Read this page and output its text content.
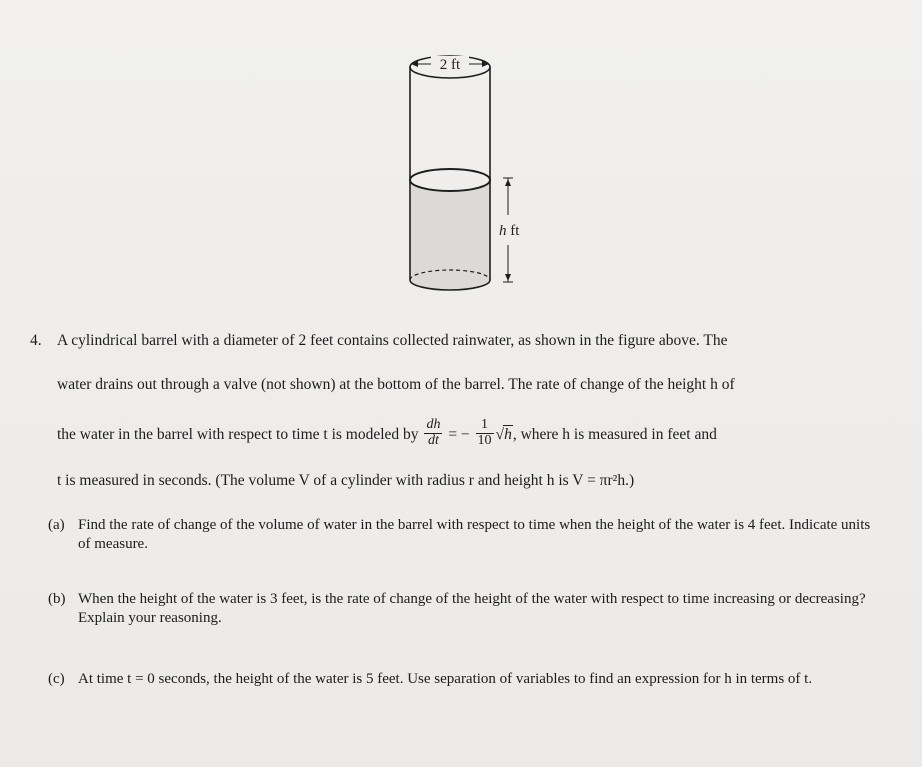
2 ft
h ft
4. A cylindrical barrel with a diameter of 2 feet contains collected rainwater, as shown in the figure above. The
water drains out through a valve (not shown) at the bottom of the barrel. The rate of change of the height h of
the water in the barrel with respect to time t is modeled by $\frac{dh}{dt}$ = − $\frac{1}{10} √h$, where h is measured in feet and
t is measured in seconds. (The volume V of a cylinder with radius r and height h is V = πr²h.)
(a) Find the rate of change of the volume of water in the barrel with respect to time when the height of the water is 4 feet. Indicate units of measure.
(b) When the height of the water is 3 feet, is the rate of change of the height of the water with respect to time increasing or decreasing? Explain your reasoning.
(c) At time t = 0 seconds, the height of the water is 5 feet. Use separation of variables to find an expression for h in terms of t.
